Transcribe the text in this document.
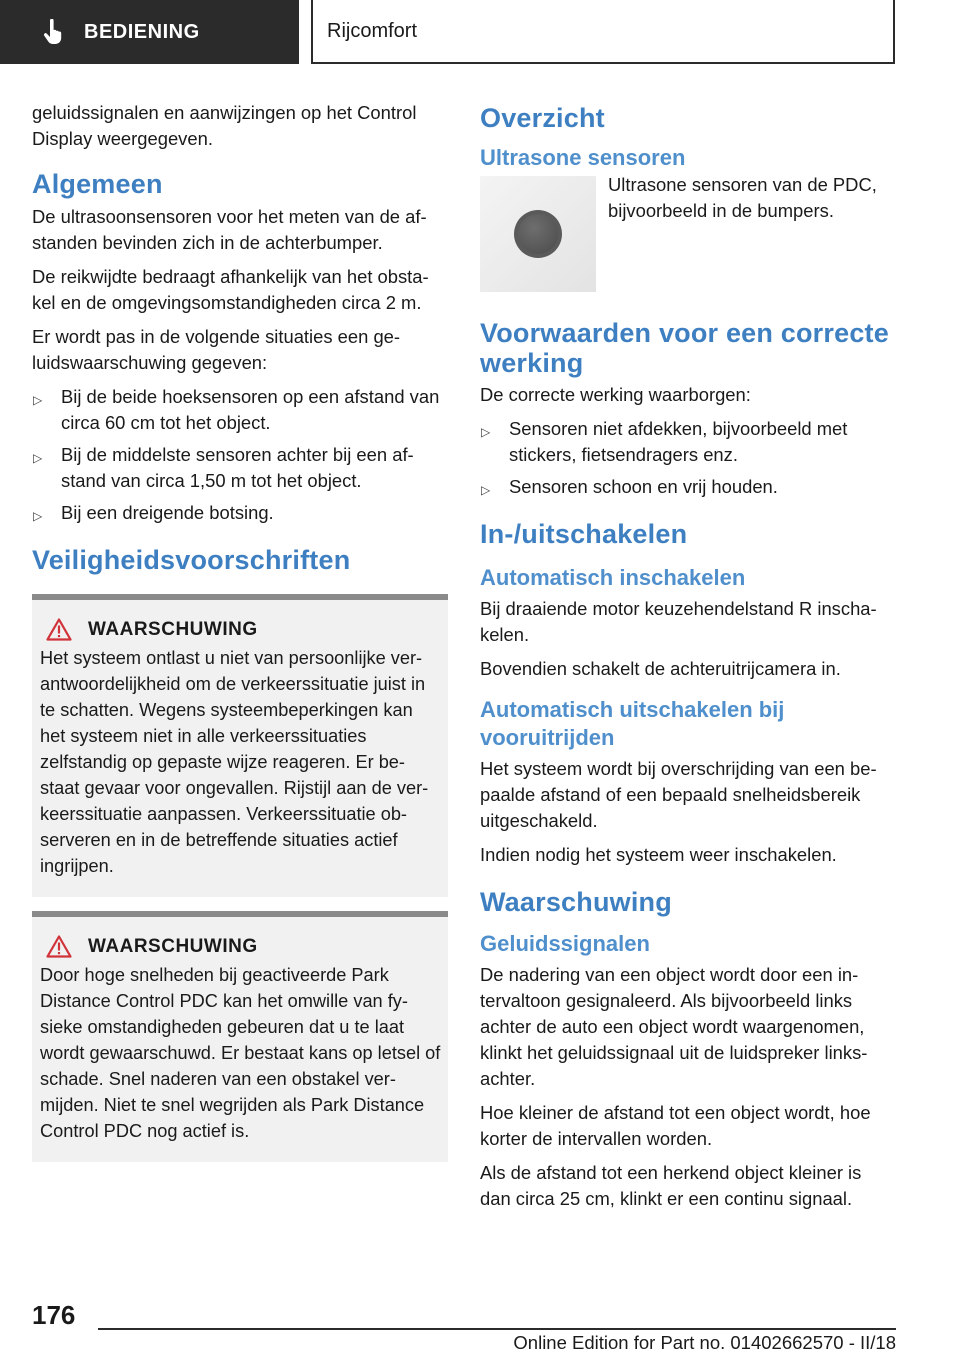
BEDIENING	Rijcomfort

geluidssignalen en aanwijzingen op het Control Display weergegeven.

Algemeen

De ultrasoonsensoren voor het meten van de af-standen bevinden zich in de achterbumper.

De reikwijdte bedraagt afhankelijk van het obsta-kel en de omgevingsomstandigheden circa 2 m.

Er wordt pas in de volgende situaties een ge-luidswaarschuwing gegeven:

▷ Bij de beide hoeksensoren op een afstand van circa 60 cm tot het object.
▷ Bij de middelste sensoren achter bij een af-stand van circa 1,50 m tot het object.
▷ Bij een dreigende botsing.
Veiligheidsvoorschriften
WAARSCHUWING

Het systeem ontlast u niet van persoonlijke ver-antwoordelijkheid om de verkeerssituatie juist in te schatten. Wegens systeembeperkingen kan het systeem niet in alle verkeerssituaties zelfstandig op gepaste wijze reageren. Er be-staat gevaar voor ongevallen. Rijstijl aan de ver-keerssituatie aanpassen. Verkeerssituatie ob-serveren en in de betreffende situaties actief ingrijpen.

WAARSCHUWING

Door hoge snelheden bij geactiveerde Park Distance Control PDC kan het omwille van fy-sieke omstandigheden gebeuren dat u te laat wordt gewaarschuwd. Er bestaat kans op letsel of schade. Snel naderen van een obstakel ver-mijden. Niet te snel wegrijden als Park Distance Control PDC nog actief is.

Overzicht
Ultrasone sensoren

Ultrasone sensoren van de PDC, bijvoorbeeld in de bumpers.

Voorwaarden voor een correcte werking

De correcte werking waarborgen:

▷ Sensoren niet afdekken, bijvoorbeeld met stickers, fietsendragers enz.
▷ Sensoren schoon en vrij houden.
In-/uitschakelen
Automatisch inschakelen

Bij draaiende motor keuzehendelstand R inscha-kelen.

Bovendien schakelt de achteruitrijcamera in.

Automatisch uitschakelen bij vooruitrijden

Het systeem wordt bij overschrijding van een be-paalde afstand of een bepaald snelheidsbereik uitgeschakeld.

Indien nodig het systeem weer inschakelen.

Waarschuwing
Geluidssignalen

De nadering van een object wordt door een in-tervaltoon gesignaleerd. Als bijvoorbeeld links achter de auto een object wordt waargenomen, klinkt het geluidssignaal uit de luidspreker links-achter.

Hoe kleiner de afstand tot een object wordt, hoe korter de intervallen worden.

Als de afstand tot een herkend object kleiner is dan circa 25 cm, klinkt er een continu signaal.

176
Online Edition for Part no. 01402662570 - II/18
